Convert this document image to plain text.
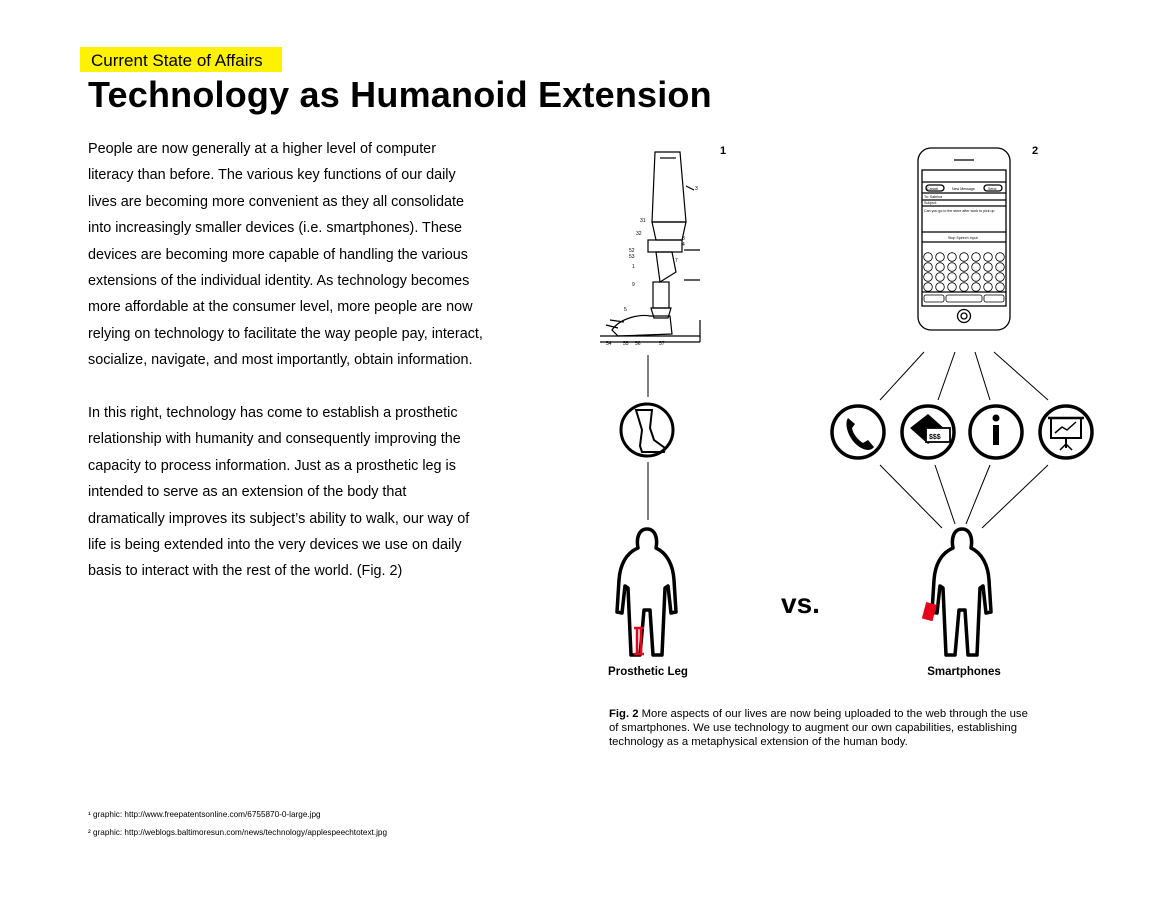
Current State of Affairs
Technology as Humanoid Extension

People are now generally at a higher level of computer literacy than before. The various key functions of our daily lives are becoming more convenient as they all consolidate into increasingly smaller devices (i.e. smartphones). These devices are becoming more capable of handling the various extensions of the individual identity. As technology becomes more affordable at the consumer level, more people are now relying on technology to facilitate the way people pay, interact, socialize, navigate, and most importantly, obtain information.

In this right, technology has come to establish a prosthetic relationship with humanity and consequently improving the capacity to process information. Just as a prosthetic leg is intended to serve as an extension of the body that dramatically improves its subject’s ability to walk, our way of life is being extended into the very devices we use on daily basis to interact with the rest of the world. (Fig. 2)

1	2
3
31
32
8
4
52
53
7
1
9
5
54 55 56	57
Cancel	New Message	Send
To: Sabrina
Subject:
Can you go to the store after work to pick up
Stop Speech Input
$$$
vs.
Prosthetic Leg	Smartphones
Fig. 2 More aspects of our lives are now being uploaded to the web through the use of smartphones. We use technology to augment our own capabilities, establishing technology as a metaphysical extension of the human body.
¹ graphic: http://www.freepatentsonline.com/6755870-0-large.jpg
² graphic: http://weblogs.baltimoresun.com/news/technology/applespeechtotext.jpg
